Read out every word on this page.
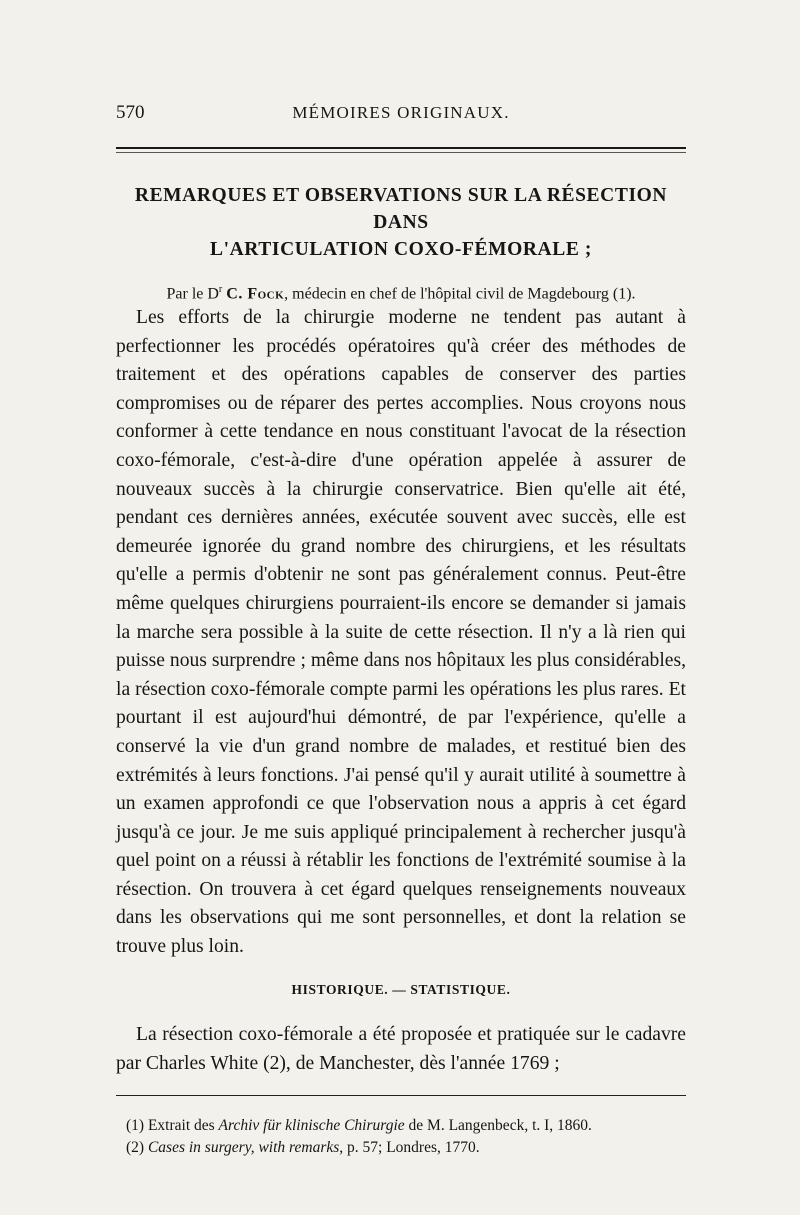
570	MÉMOIRES ORIGINAUX.
REMARQUES ET OBSERVATIONS SUR LA RÉSECTION DANS
L'ARTICULATION COXO-FÉMORALE ;
Par le $D^r$ C. Fock, médecin en chef de l'hôpital civil de Magdebourg (1).

Les efforts de la chirurgie moderne ne tendent pas autant à perfectionner les procédés opératoires qu'à créer des méthodes de traitement et des opérations capables de conserver des parties compromises ou de réparer des pertes accomplies. Nous croyons nous conformer à cette tendance en nous constituant l'avocat de la résection coxo-fémorale, c'est-à-dire d'une opération appelée à assurer de nouveaux succès à la chirurgie conservatrice. Bien qu'elle ait été, pendant ces dernières années, exécutée souvent avec succès, elle est demeurée ignorée du grand nombre des chirurgiens, et les résultats qu'elle a permis d'obtenir ne sont pas généralement connus. Peut-être même quelques chirurgiens pourraient-ils encore se demander si jamais la marche sera possible à la suite de cette résection. Il n'y a là rien qui puisse nous surprendre ; même dans nos hôpitaux les plus considérables, la résection coxo-fémorale compte parmi les opérations les plus rares. Et pourtant il est aujourd'hui démontré, de par l'expérience, qu'elle a conservé la vie d'un grand nombre de malades, et restitué bien des extrémités à leurs fonctions. J'ai pensé qu'il y aurait utilité à soumettre à un examen approfondi ce que l'observation nous a appris à cet égard jusqu'à ce jour. Je me suis appliqué principalement à rechercher jusqu'à quel point on a réussi à rétablir les fonctions de l'extrémité soumise à la résection. On trouvera à cet égard quelques renseignements nouveaux dans les observations qui me sont personnelles, et dont la relation se trouve plus loin.

HISTORIQUE. — STATISTIQUE.

La résection coxo-fémorale a été proposée et pratiquée sur le cadavre par Charles White (2), de Manchester, dès l'année 1769 ;

(1) Extrait des Archiv für klinische Chirurgie de M. Langenbeck, t. I, 1860.
(2) Cases in surgery, with remarks, p. 57; Londres, 1770.
